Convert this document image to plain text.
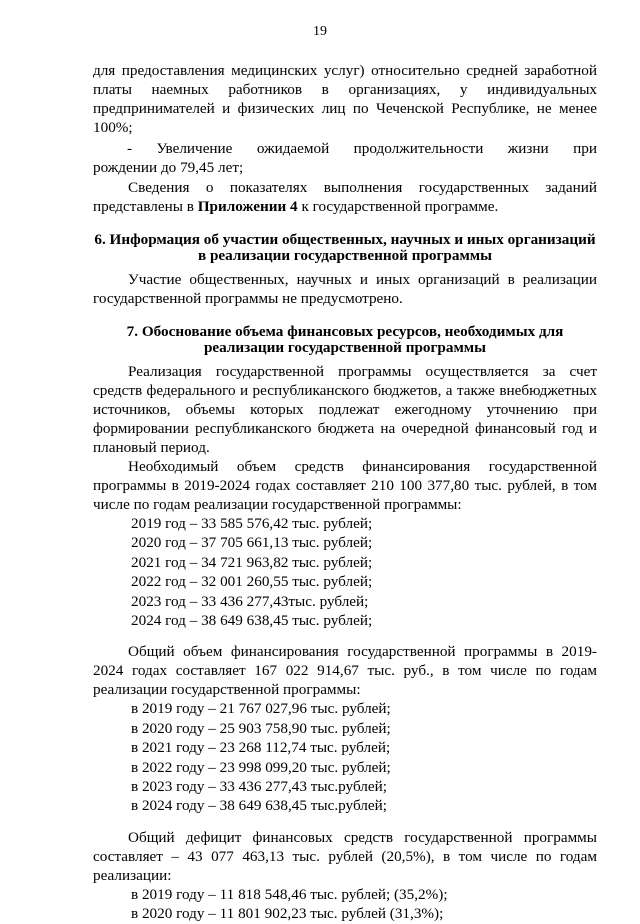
19

для предоставления медицинских услуг) относительно средней заработной

платы наемных работников в организациях, у индивидуальных

предпринимателей и физических лиц по Чеченской Республике, не менее

100%;

- Увеличение ожидаемой продолжительности жизни при

рождении до 79,45 лет;

Сведения о показателях выполнения государственных заданий представлены в Приложении 4 к государственной программе.

6. Информация об участии общественных, научных и иных организаций

в реализации государственной программы

Участие общественных, научных и иных организаций в реализации государственной программы не предусмотрено.

7. Обоснование объема финансовых ресурсов, необходимых для

реализации государственной программы

Реализация государственной программы осуществляется за счет средств федерального и республиканского бюджетов, а также внебюджетных источников, объемы которых подлежат ежегодному уточнению при формировании республиканского бюджета на очередной финансовый год и плановый период.

Необходимый объем средств финансирования государственной программы в 2019-2024 годах составляет 210 100 377,80 тыс. рублей, в том числе по годам реализации государственной программы:

2019 год – 33 585 576,42 тыс. рублей;
2020 год – 37 705 661,13 тыс. рублей;
2021 год – 34 721 963,82 тыс. рублей;
2022 год – 32 001 260,55 тыс. рублей;
2023 год – 33 436 277,43тыс. рублей;
2024 год – 38 649 638,45 тыс. рублей;

Общий объем финансирования государственной программы в 2019-2024 годах составляет 167 022 914,67 тыс. руб., в том числе по годам реализации государственной программы:

в 2019 году – 21 767 027,96 тыс. рублей;
в 2020 году – 25 903 758,90 тыс. рублей;
в 2021 году – 23 268 112,74 тыс. рублей;
в 2022 году – 23 998 099,20 тыс. рублей;
в 2023 году – 33 436 277,43 тыс.рублей;
в 2024 году – 38 649 638,45 тыс.рублей;

Общий дефицит финансовых средств государственной программы составляет – 43 077 463,13 тыс. рублей (20,5%), в том числе по годам реализации:

в 2019 году – 11 818 548,46 тыс. рублей; (35,2%);
в 2020 году – 11 801 902,23 тыс. рублей (31,3%);
